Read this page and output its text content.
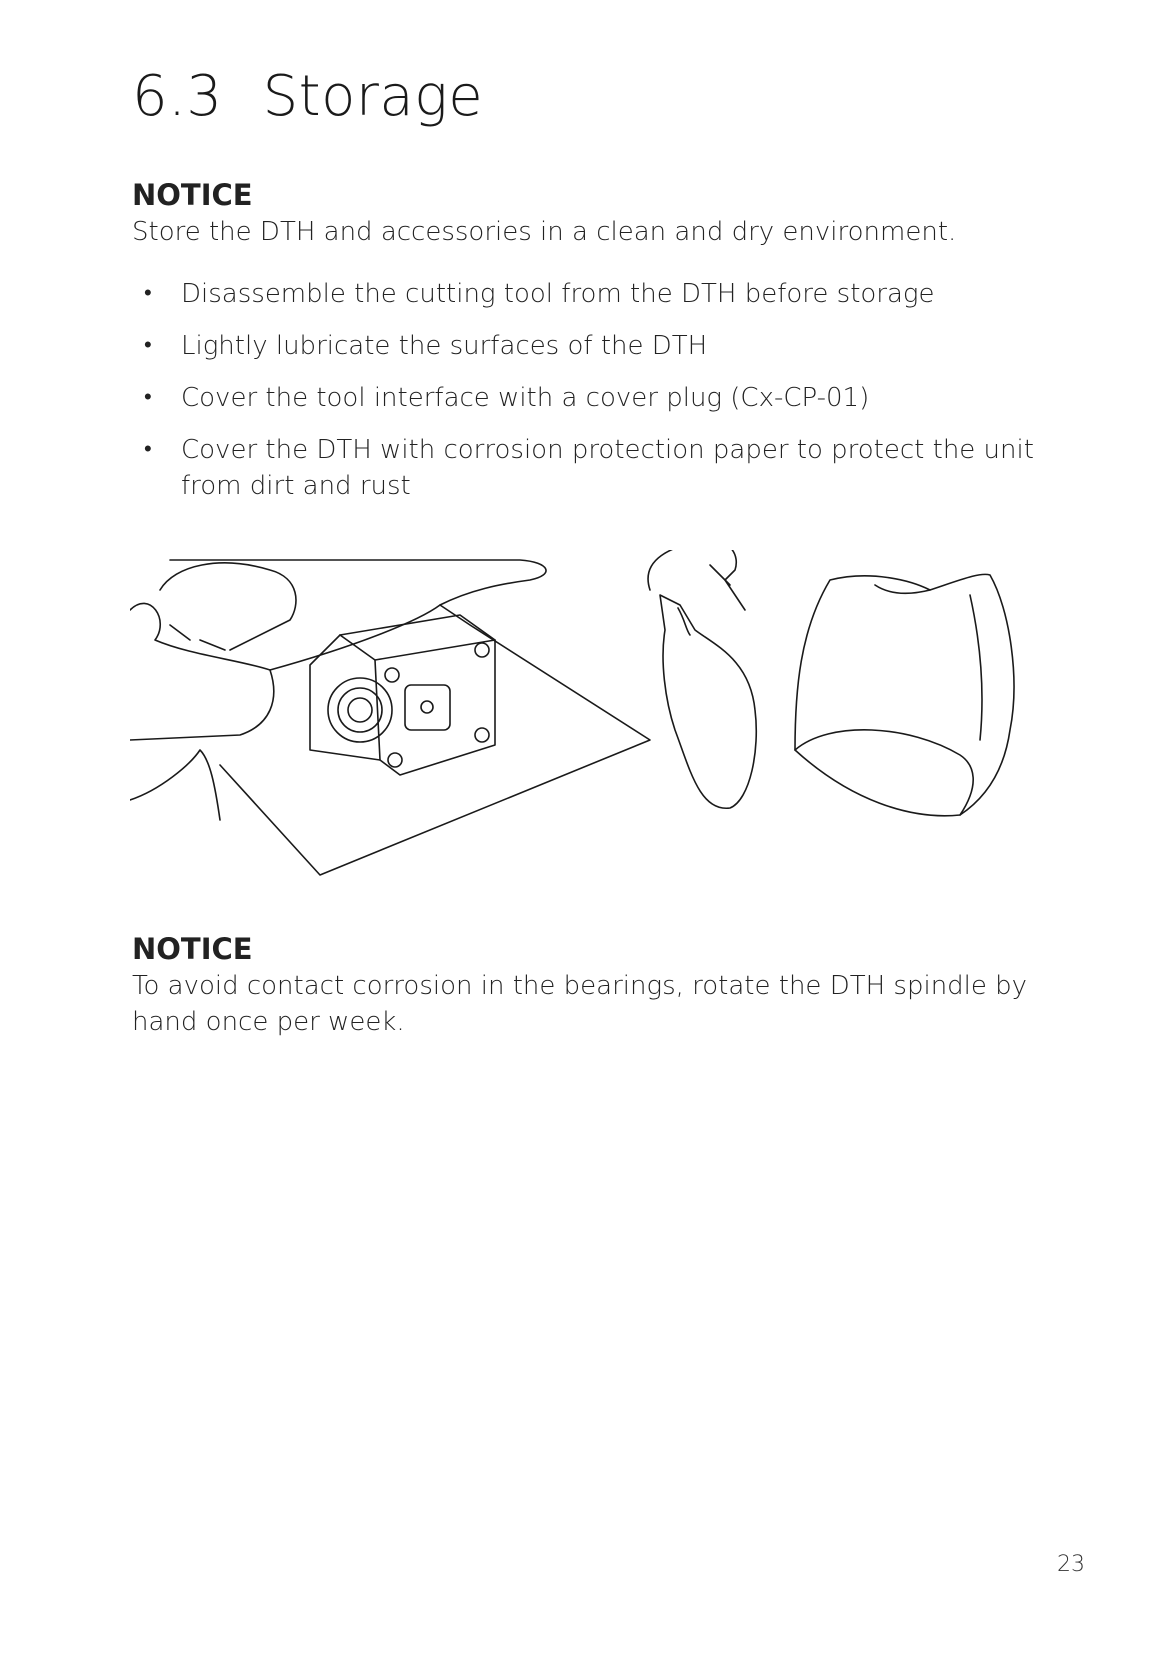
6.3 Storage
NOTICE

Store the DTH and accessories in a clean and dry environment.

• Disassemble the cutting tool from the DTH before storage
• Lightly lubricate the surfaces of the DTH
• Cover the tool interface with a cover plug (Cx-CP-01)
• Cover the DTH with corrosion protection paper to protect the unit from dirt and rust
NOTICE

To avoid contact corrosion in the bearings, rotate the DTH spindle by hand once per week.

23
